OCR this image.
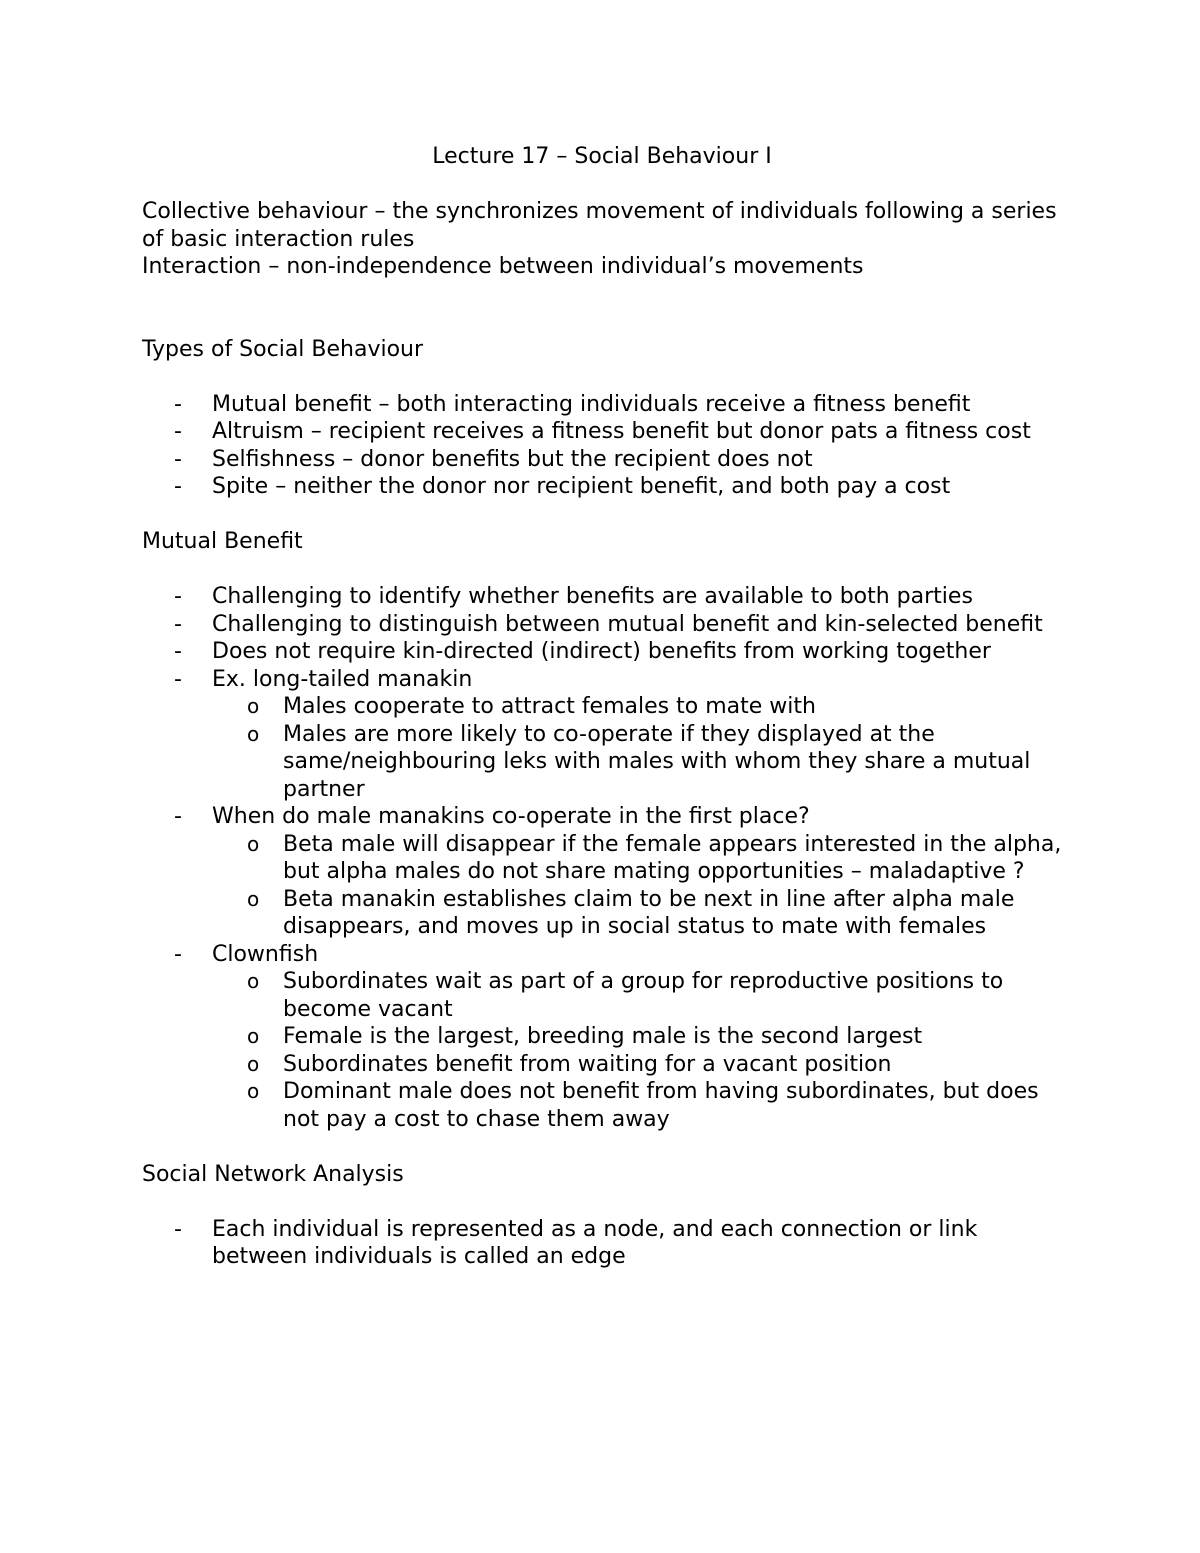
Lecture 17 – Social Behaviour I

Collective behaviour – the synchronizes movement of individuals following a series of basic interaction rules

Interaction – non-independence between individual’s movements

Types of Social Behaviour

- Mutual benefit – both interacting individuals receive a fitness benefit
- Altruism – recipient receives a fitness benefit but donor pats a fitness cost
- Selfishness – donor benefits but the recipient does not
- Spite – neither the donor nor recipient benefit, and both pay a cost

Mutual Benefit

- Challenging to identify whether benefits are available to both parties
- Challenging to distinguish between mutual benefit and kin-selected benefit
- Does not require kin-directed (indirect) benefits from working together
- Ex. long-tailed manakin
o Males cooperate to attract females to mate with
o Males are more likely to co-operate if they displayed at the same/neighbouring leks with males with whom they share a mutual partner
- When do male manakins co-operate in the first place?
o Beta male will disappear if the female appears interested in the alpha, but alpha males do not share mating opportunities – maladaptive ?
o Beta manakin establishes claim to be next in line after alpha male disappears, and moves up in social status to mate with females
- Clownfish
o Subordinates wait as part of a group for reproductive positions to become vacant
o Female is the largest, breeding male is the second largest
o Subordinates benefit from waiting for a vacant position
o Dominant male does not benefit from having subordinates, but does not pay a cost to chase them away

Social Network Analysis

- Each individual is represented as a node, and each connection or link between individuals is called an edge
